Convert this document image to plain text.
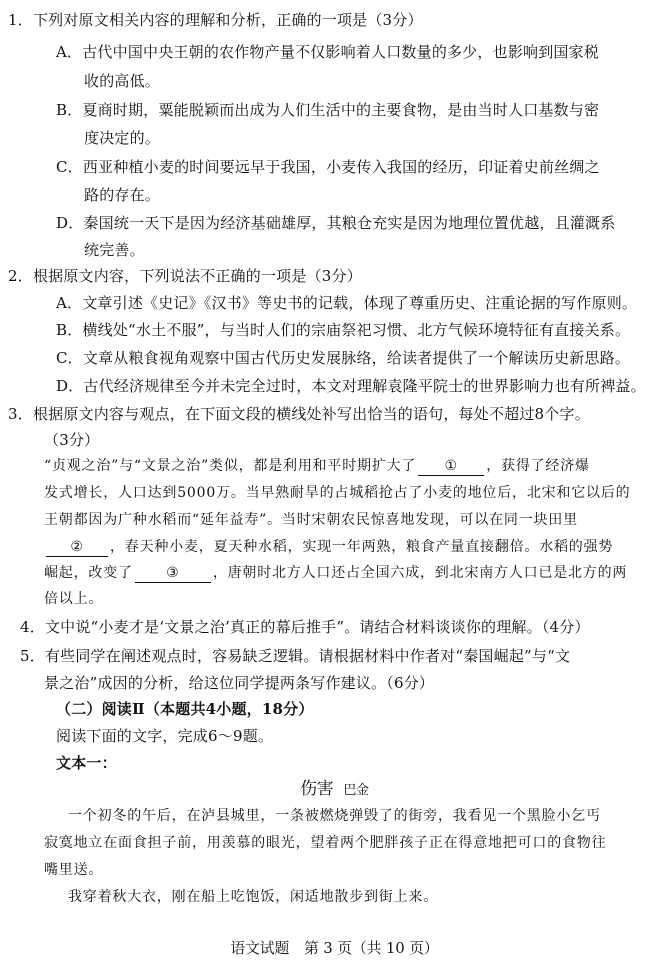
1．下列对原文相关内容的理解和分析，正确的一项是（3分）
A．古代中国中央王朝的农作物产量不仅影响着人口数量的多少，也影响到国家税
收的高低。
B．夏商时期，粟能脱颖而出成为人们生活中的主要食物，是由当时人口基数与密
度决定的。
C．西亚种植小麦的时间要远早于我国，小麦传入我国的经历，印证着史前丝绸之
路的存在。
D．秦国统一天下是因为经济基础雄厚，其粮仓充实是因为地理位置优越，且灌溉系
统完善。
2．根据原文内容，下列说法不正确的一项是（3分）
A．文章引述《史记》《汉书》等史书的记载，体现了尊重历史、注重论据的写作原则。
B．横线处“水土不服”，与当时人们的宗庙祭祀习惯、北方气候环境特征有直接关系。
C．文章从粮食视角观察中国古代历史发展脉络，给读者提供了一个解读历史新思路。
D．古代经济规律至今并未完全过时，本文对理解袁隆平院士的世界影响力也有所裨益。
3．根据原文内容与观点，在下面文段的横线处补写出恰当的语句，每处不超过8个字。
（3分）
“贞观之治”与“文景之治”类似，都是利用和平时期扩大了 ① ，获得了经济爆
发式增长，人口达到5000万。当早熟耐旱的占城稻抢占了小麦的地位后，北宋和它以后的
王朝都因为广种水稻而“延年益寿”。当时宋朝农民惊喜地发现，可以在同一块田里
② ，春天种小麦，夏天种水稻，实现一年两熟，粮食产量直接翻倍。水稻的强势
崛起，改变了 ③ ，唐朝时北方人口还占全国六成，到北宋南方人口已是北方的两
倍以上。
4．文中说“小麦才是‘文景之治’真正的幕后推手”。请结合材料谈谈你的理解。（4分）
5．有些同学在阐述观点时，容易缺乏逻辑。请根据材料中作者对“秦国崛起”与“文
景之治”成因的分析，给这位同学提两条写作建议。（6分）
（二）阅读Ⅱ（本题共4小题，18分）
阅读下面的文字，完成6～9题。
文本一：
伤害 巴金
一个初冬的午后，在泸县城里，一条被燃烧弹毁了的街旁，我看见一个黑脸小乞丐
寂寞地立在面食担子前，用羡慕的眼光，望着两个肥胖孩子正在得意地把可口的食物往
嘴里送。
我穿着秋大衣，刚在船上吃饱饭，闲适地散步到街上来。
语文试题　第 3 页（共 10 页）
